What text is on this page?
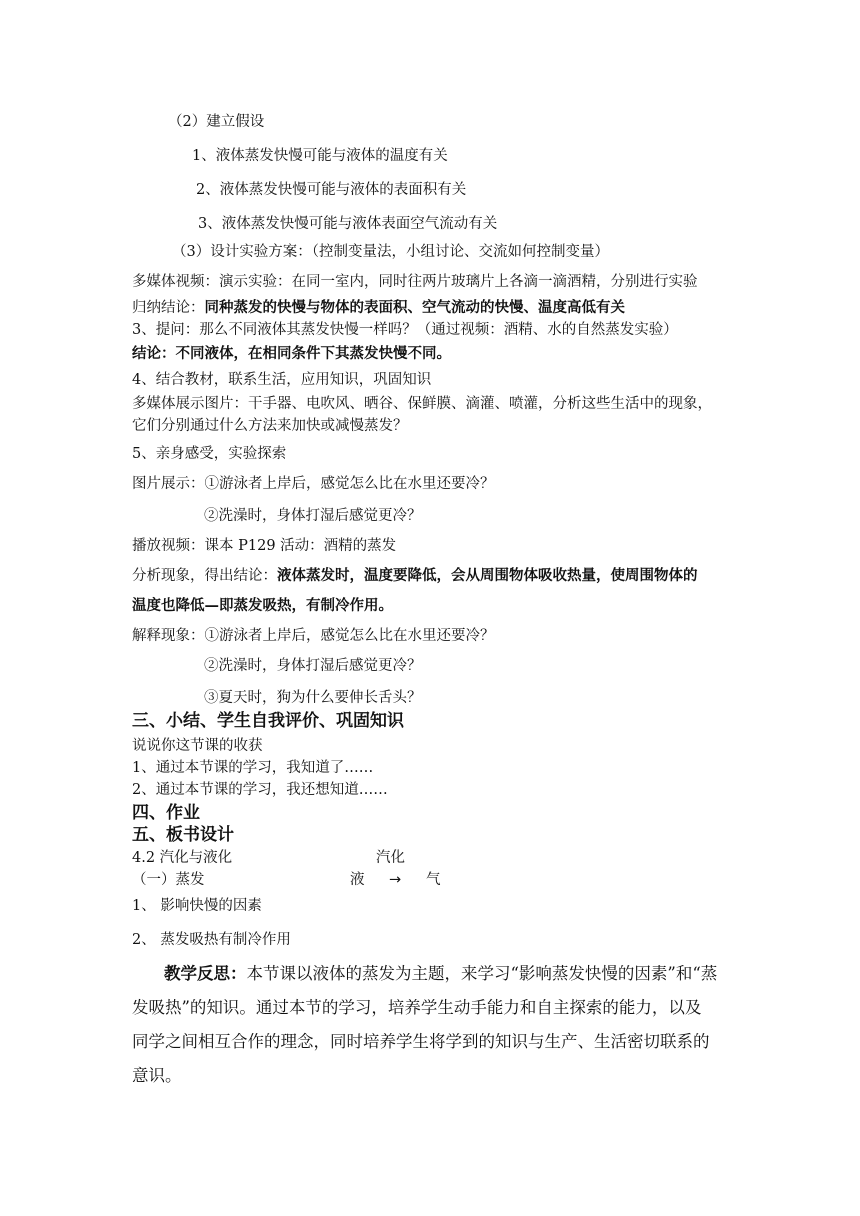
（2）建立假设
1、液体蒸发快慢可能与液体的温度有关
2、液体蒸发快慢可能与液体的表面积有关
3、液体蒸发快慢可能与液体表面空气流动有关
（3）设计实验方案：（控制变量法，小组讨论、交流如何控制变量）
多媒体视频：演示实验：在同一室内，同时往两片玻璃片上各滴一滴酒精，分别进行实验
归纳结论：同种蒸发的快慢与物体的表面积、空气流动的快慢、温度高低有关
3、提问：那么不同液体其蒸发快慢一样吗？（通过视频：酒精、水的自然蒸发实验）
结论：不同液体，在相同条件下其蒸发快慢不同。
4、结合教材，联系生活，应用知识，巩固知识
多媒体展示图片：干手器、电吹风、晒谷、保鲜膜、滴灌、喷灌，分析这些生活中的现象，
它们分别通过什么方法来加快或减慢蒸发？
5、亲身感受，实验探索
图片展示：①游泳者上岸后，感觉怎么比在水里还要冷？
②洗澡时，身体打湿后感觉更冷？
播放视频：课本 P129 活动：酒精的蒸发
分析现象，得出结论：液体蒸发时，温度要降低，会从周围物体吸收热量，使周围物体的
温度也降低—即蒸发吸热，有制冷作用。
解释现象：①游泳者上岸后，感觉怎么比在水里还要冷？
②洗澡时，身体打湿后感觉更冷？
③夏天时，狗为什么要伸长舌头？
三、小结、学生自我评价、巩固知识
说说你这节课的收获
1、通过本节课的学习，我知道了……
2、通过本节课的学习，我还想知道……
四、作业
五、板书设计
4.2 汽化与液化	汽化
（一）蒸发	液 → 气
1、 影响快慢的因素
2、 蒸发吸热有制冷作用
教学反思：本节课以液体的蒸发为主题，来学习“影响蒸发快慢的因素”和“蒸
发吸热”的知识。通过本节的学习，培养学生动手能力和自主探索的能力，以及
同学之间相互合作的理念，同时培养学生将学到的知识与生产、生活密切联系的
意识。
